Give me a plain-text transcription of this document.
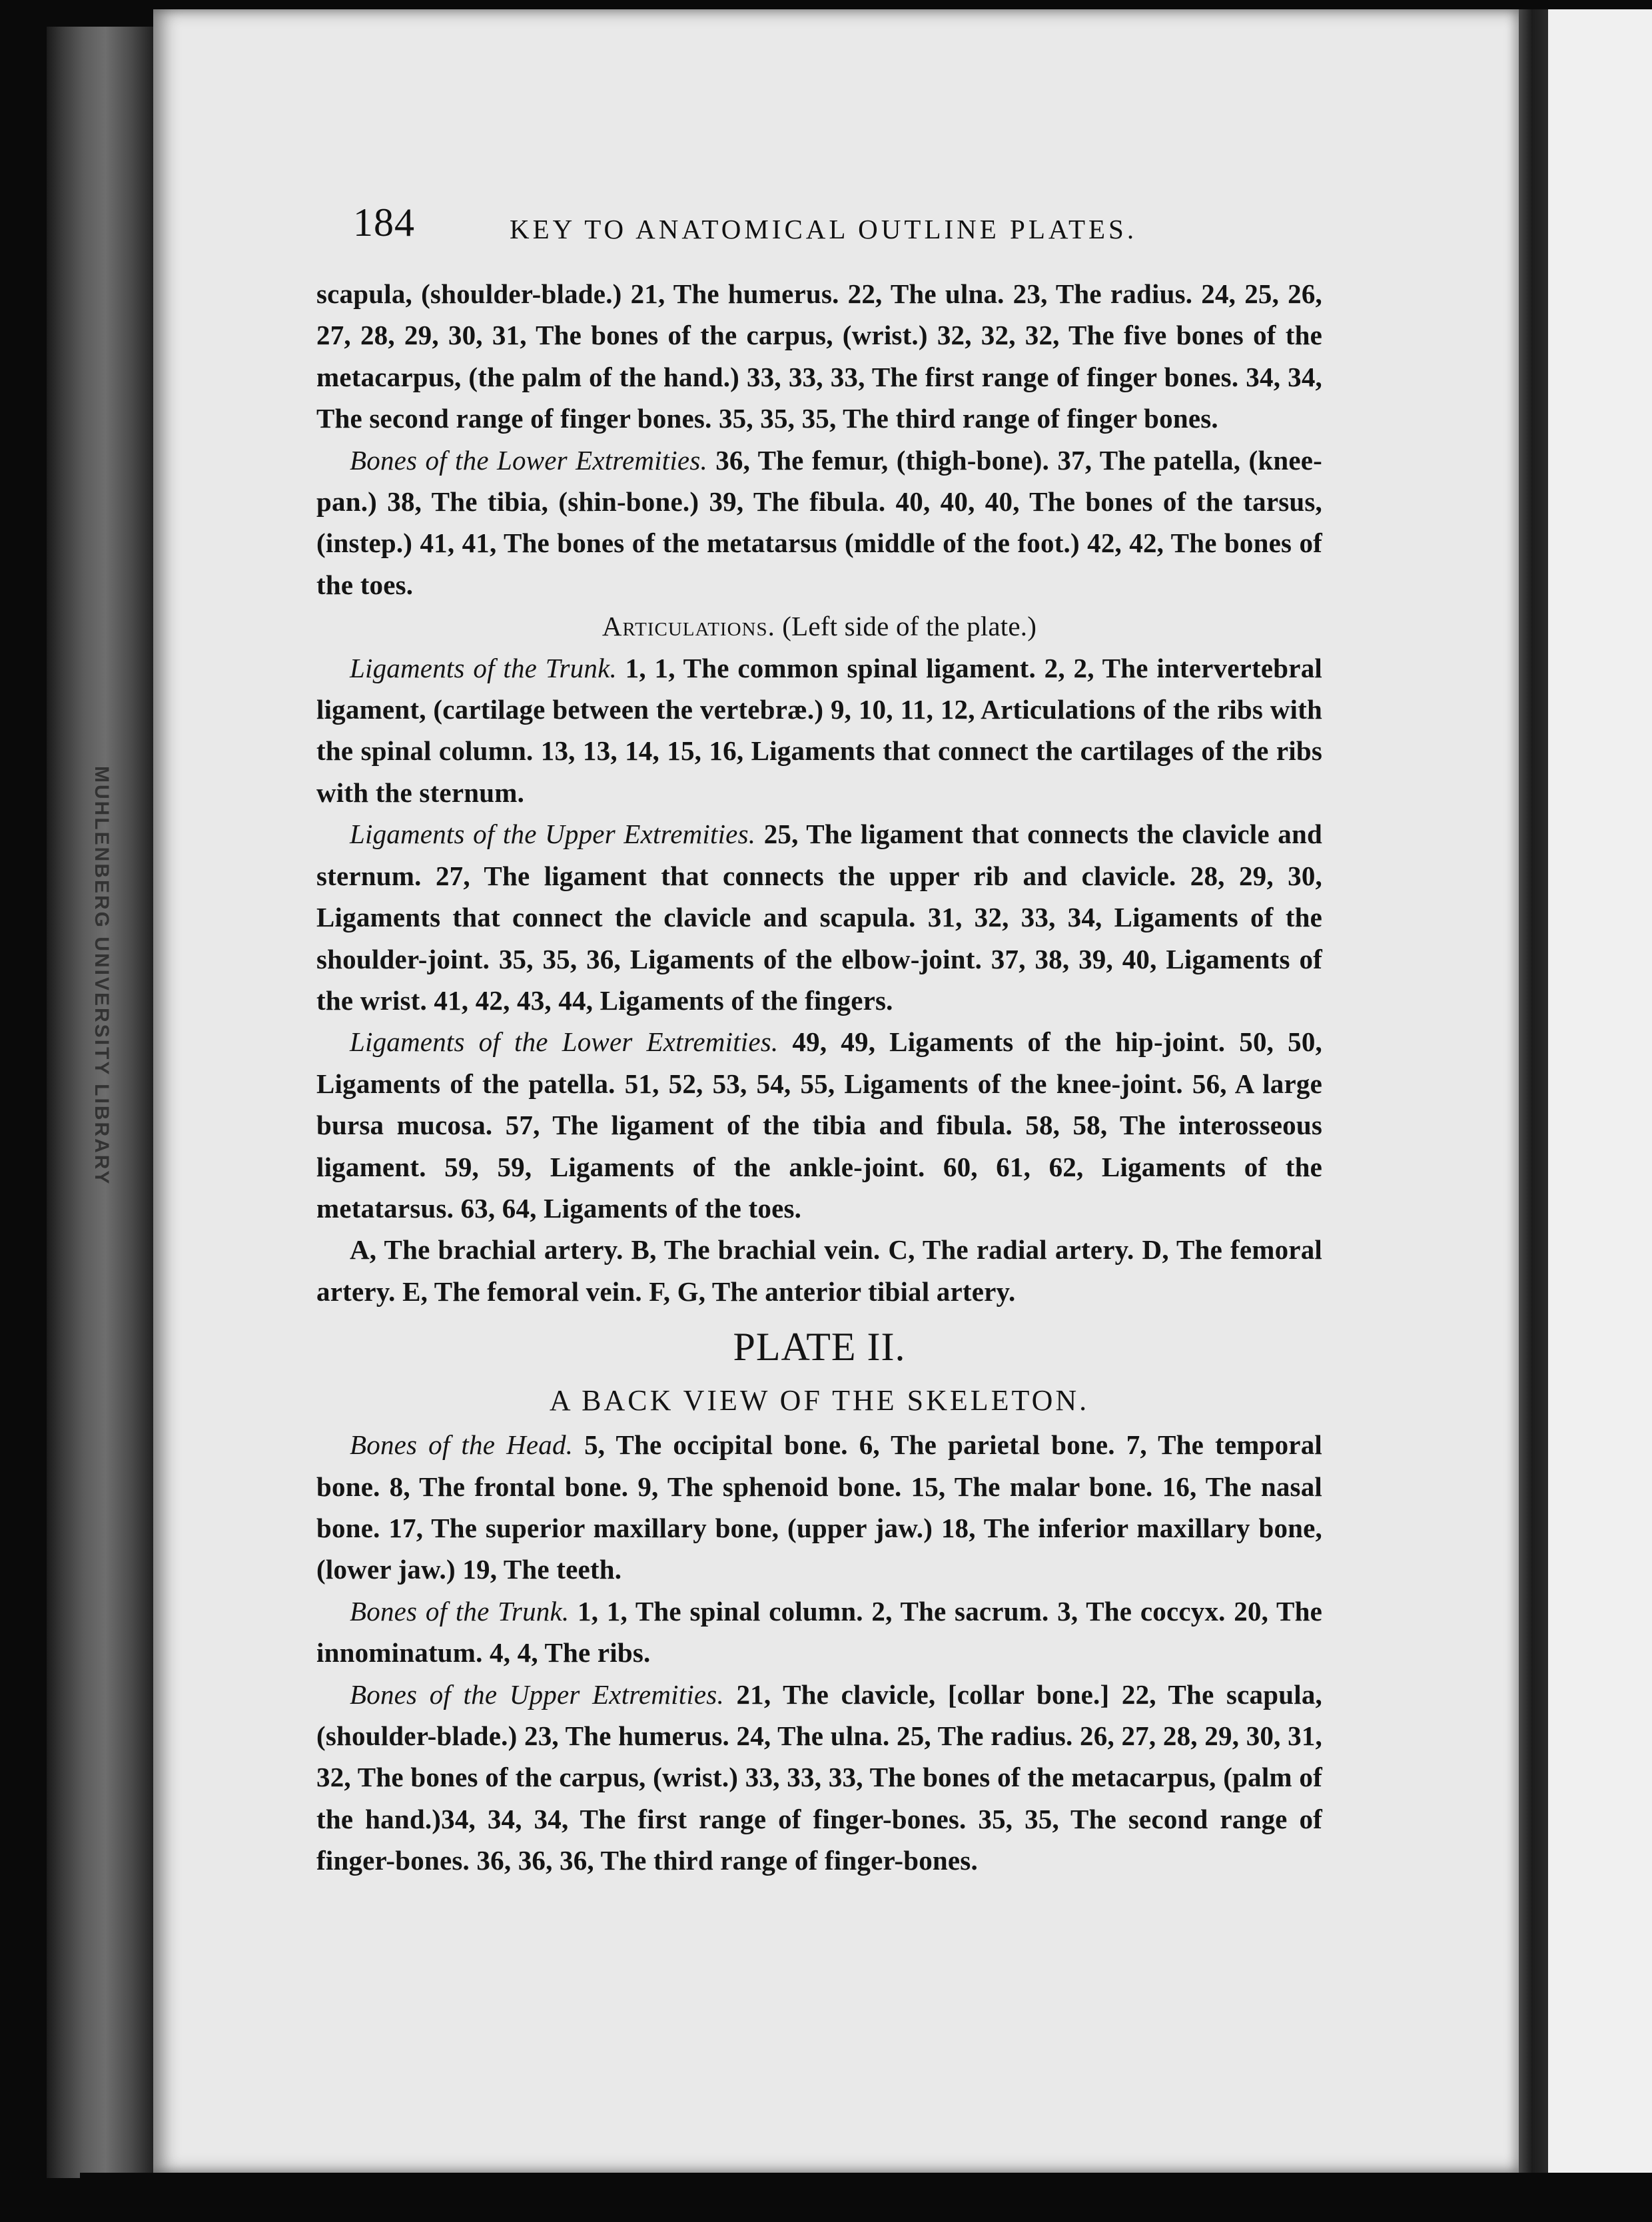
MUHLENBERG UNIVERSITY LIBRARY
184	KEY TO ANATOMICAL OUTLINE PLATES.

scapula, (shoulder-blade.) 21, The humerus. 22, The ulna. 23, The radius. 24, 25, 26, 27, 28, 29, 30, 31, The bones of the carpus, (wrist.) 32, 32, 32, The five bones of the metacarpus, (the palm of the hand.) 33, 33, 33, The first range of finger bones. 34, 34, The second range of finger bones. 35, 35, 35, The third range of finger bones.

Bones of the Lower Extremities. 36, The femur, (thigh-bone). 37, The patella, (knee-pan.) 38, The tibia, (shin-bone.) 39, The fibula. 40, 40, 40, The bones of the tarsus, (instep.) 41, 41, The bones of the metatarsus (middle of the foot.) 42, 42, The bones of the toes.

Articulations. (Left side of the plate.)

Ligaments of the Trunk. 1, 1, The common spinal ligament. 2, 2, The intervertebral ligament, (cartilage between the vertebræ.) 9, 10, 11, 12, Articulations of the ribs with the spinal column. 13, 13, 14, 15, 16, Ligaments that connect the cartilages of the ribs with the sternum.

Ligaments of the Upper Extremities. 25, The ligament that connects the clavicle and sternum. 27, The ligament that connects the upper rib and clavicle. 28, 29, 30, Ligaments that connect the clavicle and scapula. 31, 32, 33, 34, Ligaments of the shoulder-joint. 35, 35, 36, Ligaments of the elbow-joint. 37, 38, 39, 40, Ligaments of the wrist. 41, 42, 43, 44, Ligaments of the fingers.

Ligaments of the Lower Extremities. 49, 49, Ligaments of the hip-joint. 50, 50, Ligaments of the patella. 51, 52, 53, 54, 55, Ligaments of the knee-joint. 56, A large bursa mucosa. 57, The ligament of the tibia and fibula. 58, 58, The interosseous ligament. 59, 59, Ligaments of the ankle-joint. 60, 61, 62, Ligaments of the metatarsus. 63, 64, Ligaments of the toes.

A, The brachial artery. B, The brachial vein. C, The radial artery. D, The femoral artery. E, The femoral vein. F, G, The anterior tibial artery.

PLATE II.
A BACK VIEW OF THE SKELETON.

Bones of the Head. 5, The occipital bone. 6, The parietal bone. 7, The temporal bone. 8, The frontal bone. 9, The sphenoid bone. 15, The malar bone. 16, The nasal bone. 17, The superior maxillary bone, (upper jaw.) 18, The inferior maxillary bone, (lower jaw.) 19, The teeth.

Bones of the Trunk. 1, 1, The spinal column. 2, The sacrum. 3, The coccyx. 20, The innominatum. 4, 4, The ribs.

Bones of the Upper Extremities. 21, The clavicle, [collar bone.] 22, The scapula, (shoulder-blade.) 23, The humerus. 24, The ulna. 25, The radius. 26, 27, 28, 29, 30, 31, 32, The bones of the carpus, (wrist.) 33, 33, 33, The bones of the metacarpus, (palm of the hand.)34, 34, 34, The first range of finger-bones. 35, 35, The second range of finger-bones. 36, 36, 36, The third range of finger-bones.
